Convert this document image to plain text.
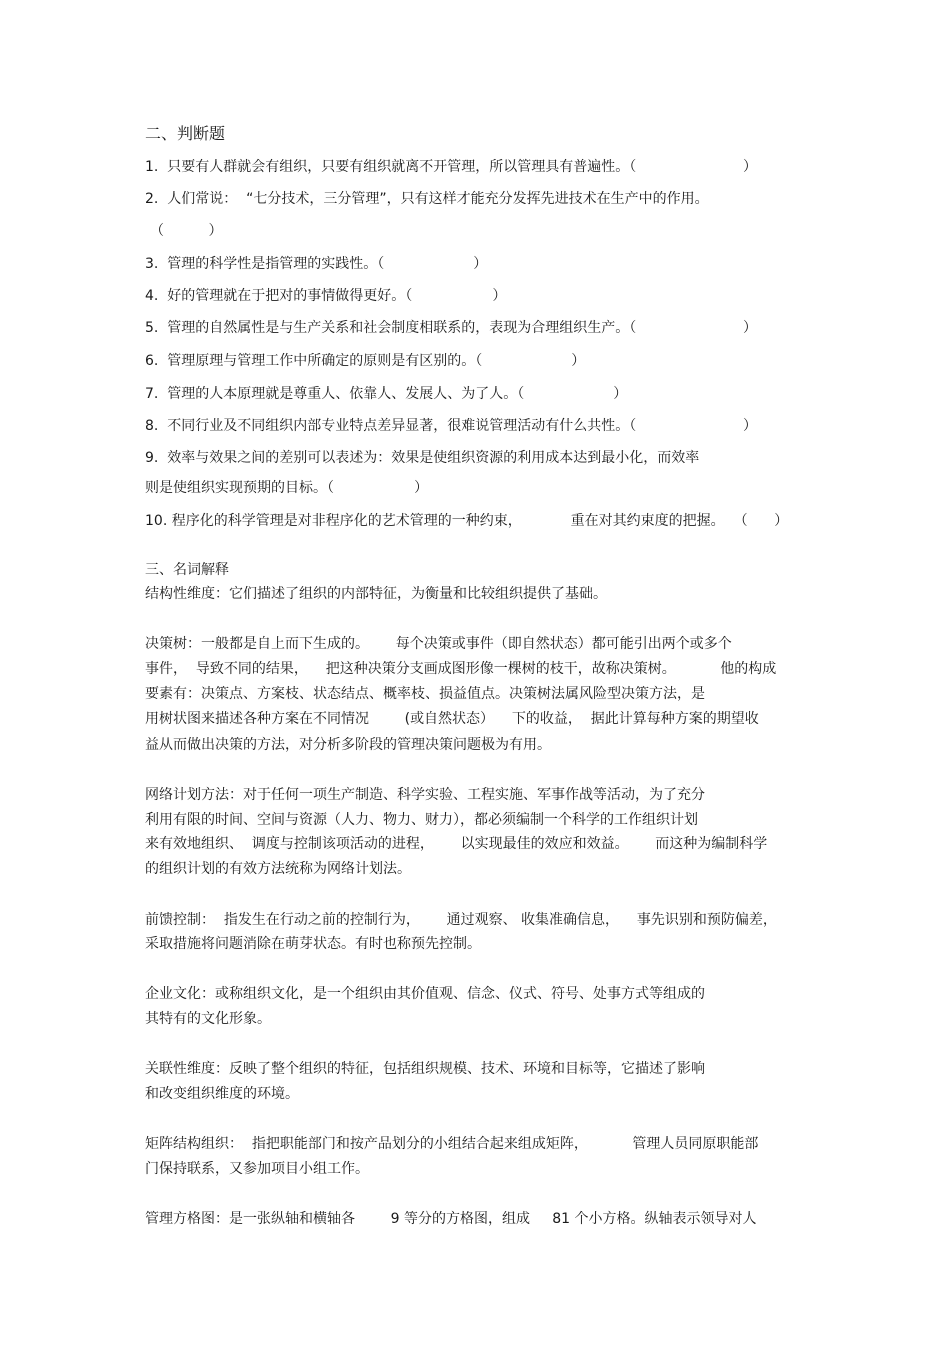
二、判断题

1.  只要有人群就会有组织，只要有组织就离不开管理，所以管理具有普遍性。（                        ）

2.  人们常说：  “七分技术，三分管理”，只有这样才能充分发挥先进技术在生产中的作用。

（          ）

3.  管理的科学性是指管理的实践性。（                    ）

4.  好的管理就在于把对的事情做得更好。（                  ）

5.  管理的自然属性是与生产关系和社会制度相联系的，表现为合理组织生产。（                        ）

6.  管理原理与管理工作中所确定的原则是有区别的。（                    ）

7.  管理的人本原理就是尊重人、依靠人、发展人、为了人。（                    ）

8.  不同行业及不同组织内部专业特点差异显著，很难说管理活动有什么共性。（                        ）

9.  效率与效果之间的差别可以表述为：效果是使组织资源的利用成本达到最小化，而效率

则是使组织实现预期的目标。（                  ）

10. 程序化的科学管理是对非程序化的艺术管理的一种约束，           重在对其约束度的把握。  （      ）

三、名词解释

结构性维度：它们描述了组织的内部特征，为衡量和比较组织提供了基础。

决策树：一般都是自上而下生成的。      每个决策或事件（即自然状态）都可能引出两个或多个

事件，  导致不同的结果，    把这种决策分支画成图形像一棵树的枝干，故称决策树。          他的构成

要素有：决策点、方案枝、状态结点、概率枝、损益值点。决策树法属风险型决策方法，是

用树状图来描述各种方案在不同情况        (或自然状态）    下的收益，  据此计算每种方案的期望收

益从而做出决策的方法，对分析多阶段的管理决策问题极为有用。

网络计划方法：对于任何一项生产制造、科学实验、工程实施、军事作战等活动，为了充分

利用有限的时间、空间与资源（人力、物力、财力），都必须编制一个科学的工作组织计划

来有效地组织、  调度与控制该项活动的进程，      以实现最佳的效应和效益。      而这种为编制科学

的组织计划的有效方法统称为网络计划法。

前馈控制：  指发生在行动之前的控制行为，      通过观察、 收集准确信息，    事先识别和预防偏差，

采取措施将问题消除在萌芽状态。有时也称预先控制。

企业文化：或称组织文化，是一个组织由其价值观、信念、仪式、符号、处事方式等组成的

其特有的文化形象。

关联性维度：反映了整个组织的特征，包括组织规模、技术、环境和目标等，它描述了影响

和改变组织维度的环境。

矩阵结构组织：  指把职能部门和按产品划分的小组结合起来组成矩阵，          管理人员同原职能部

门保持联系，又参加项目小组工作。

管理方格图：是一张纵轴和横轴各        9 等分的方格图，组成     81 个小方格。纵轴表示领导对人
